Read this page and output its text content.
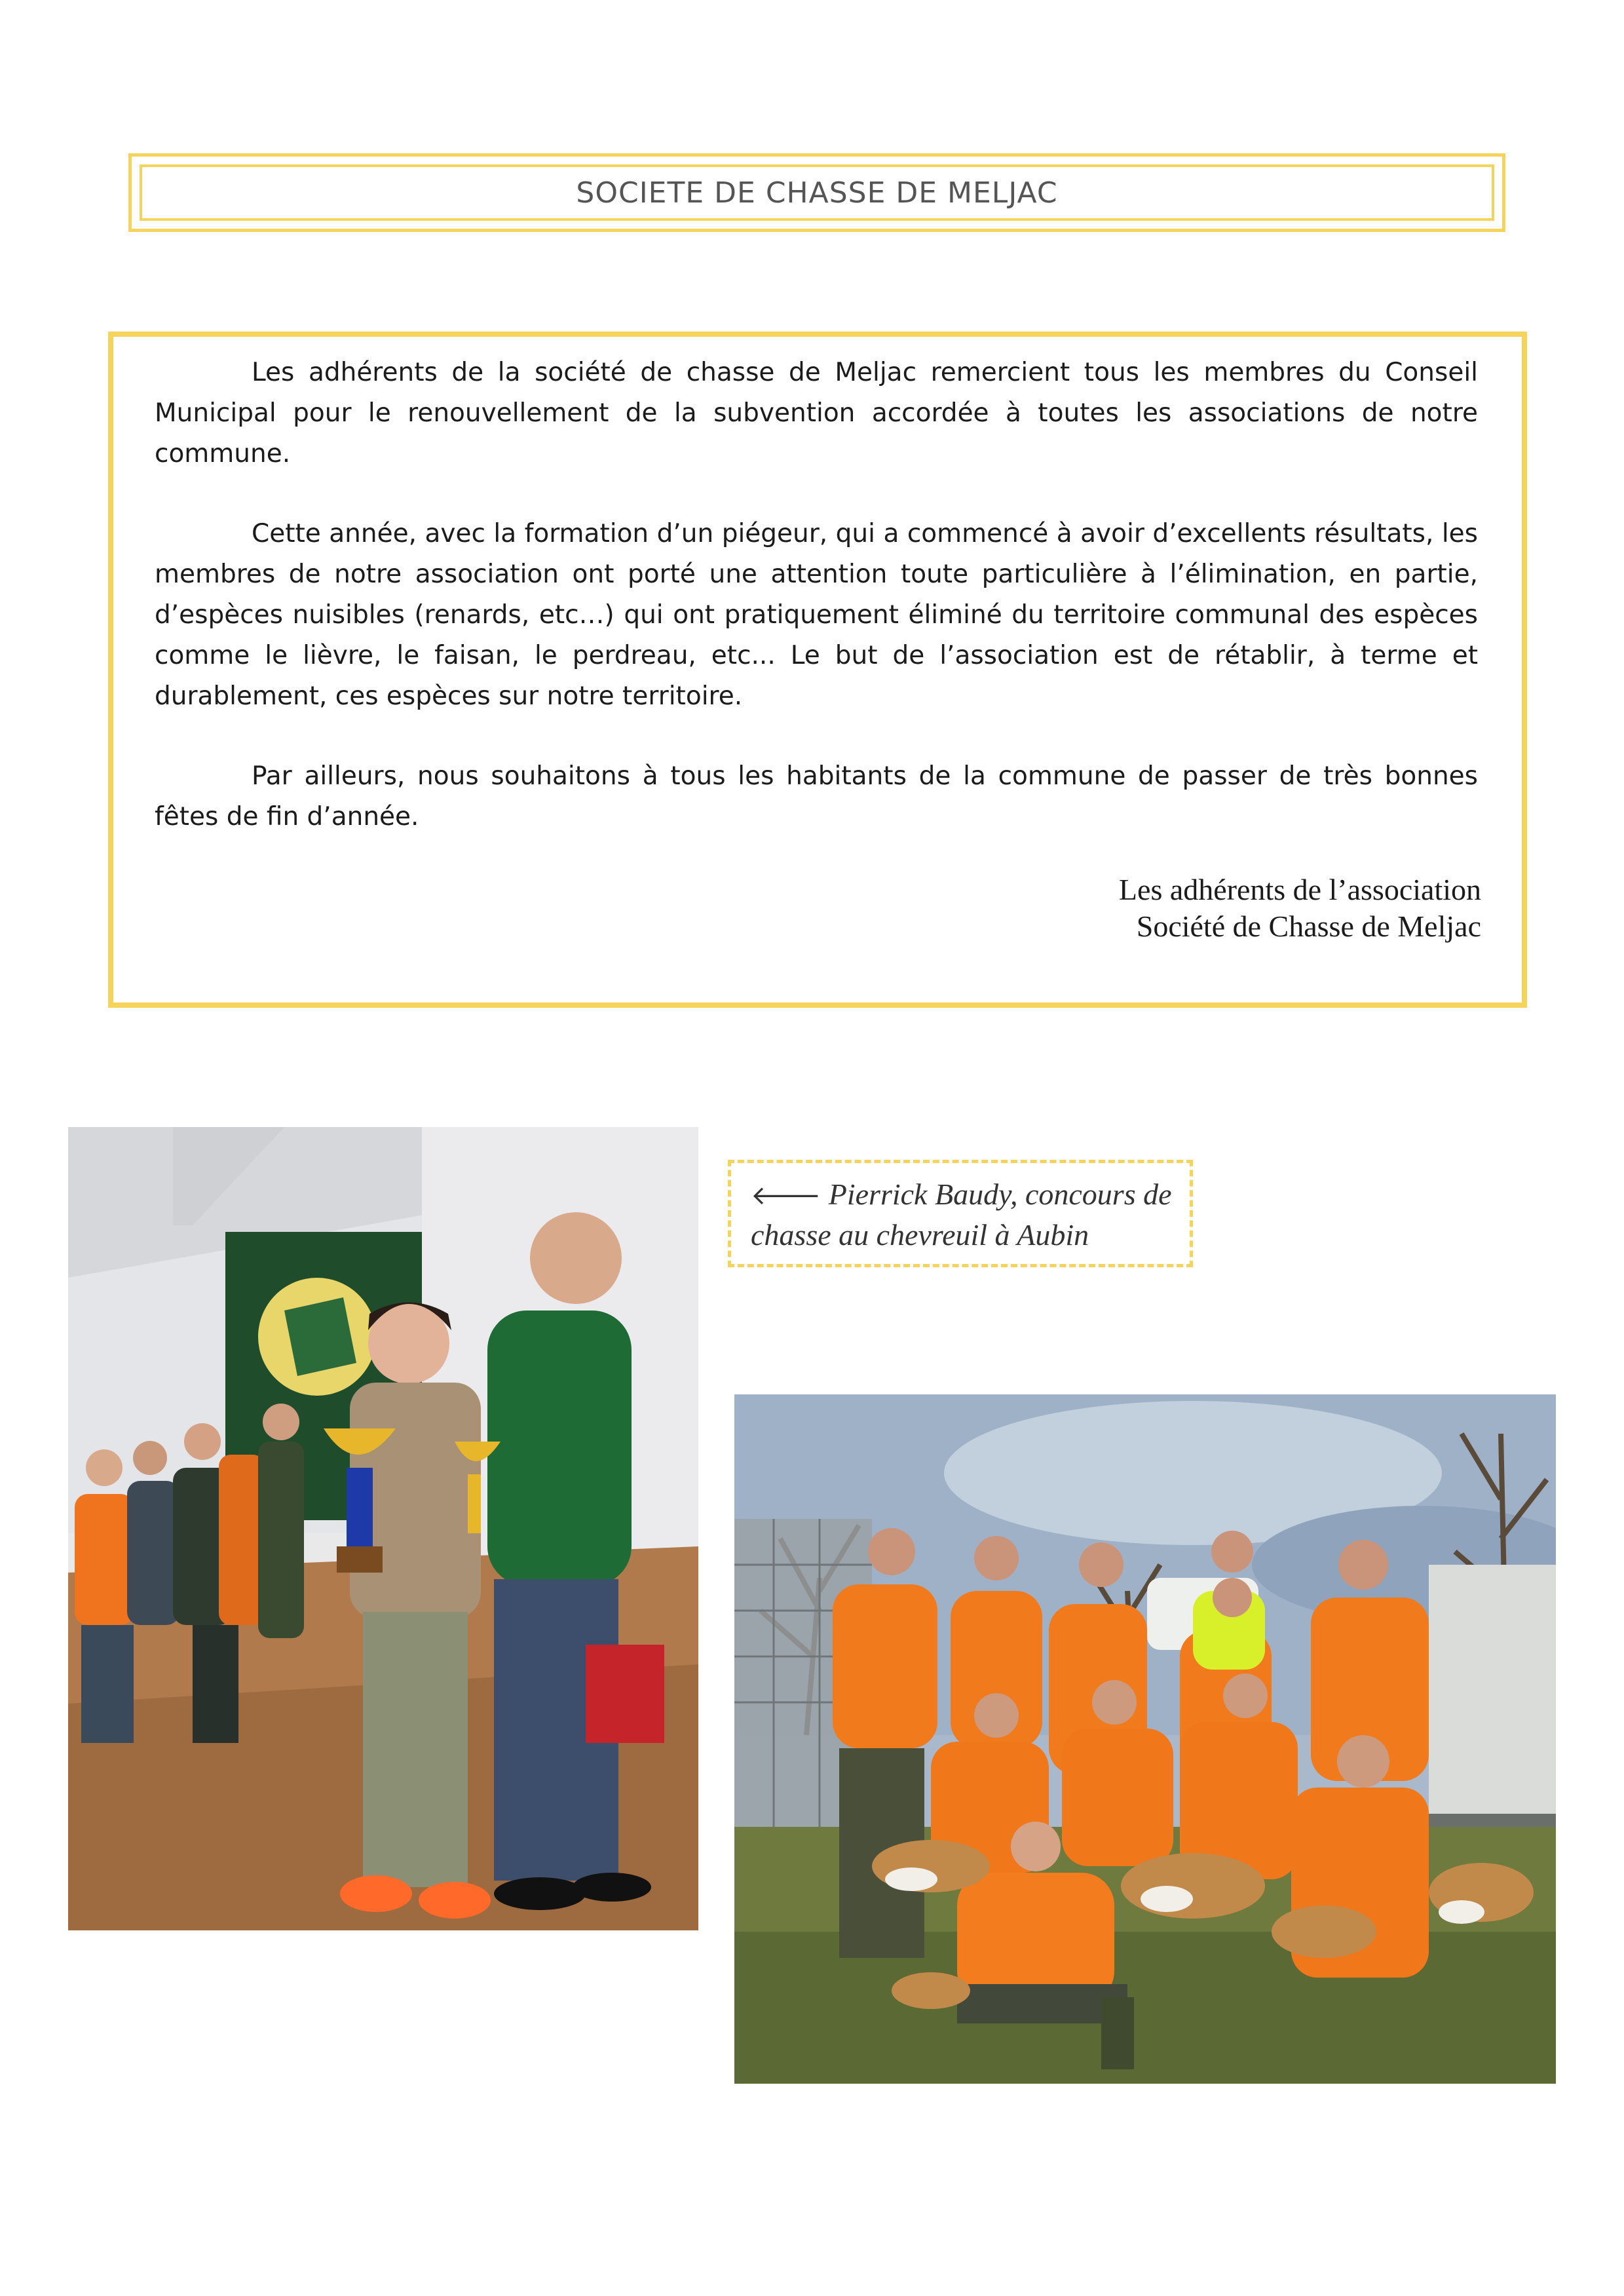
SOCIETE DE CHASSE DE MELJAC

Les adhérents de la société de chasse de Meljac remercient tous les membres du Conseil Municipal pour le renouvellement de la subvention accordée à toutes les associations de notre commune.

Cette année, avec la formation d’un piégeur, qui a commencé à avoir d’excellents résultats, les membres de notre association ont porté une attention toute particulière à l’élimination, en partie, d’espèces nuisibles (renards, etc…) qui ont pratiquement éliminé du territoire communal des espèces comme le lièvre, le faisan, le perdreau, etc... Le but de l’association est de rétablir, à terme et durablement, ces espèces sur notre territoire.

Par ailleurs, nous souhaitons à tous les habitants de la commune de passer de très bonnes fêtes de fin d’année.

Les adhérents de l’association
Société de Chasse de Meljac
🡐 Pierrick Baudy, concours de chasse au chevreuil à Aubin
